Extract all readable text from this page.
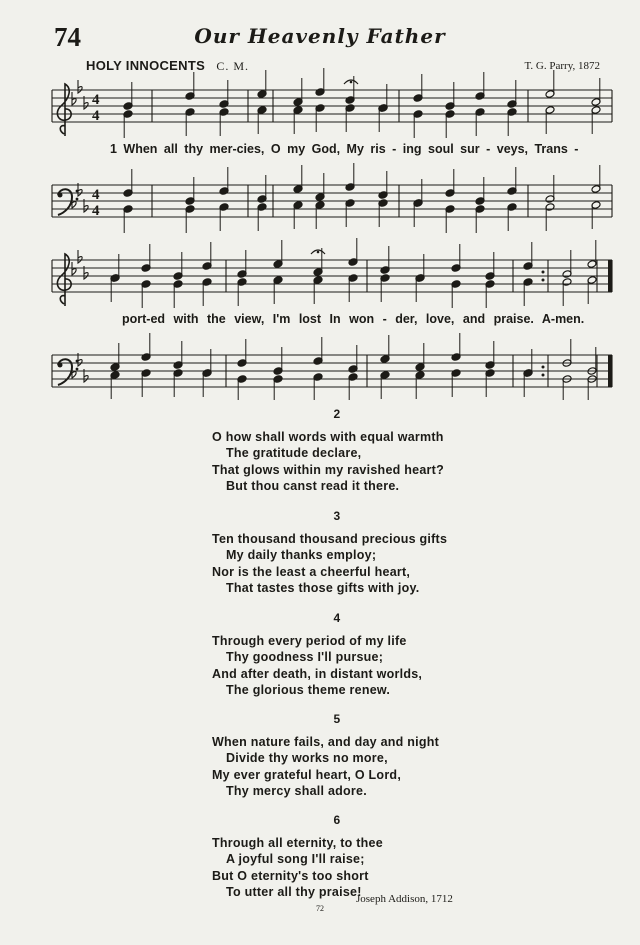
74	Our Heavenly Father
HOLY INNOCENTS C. M.	T. G. Parry, 1872
4
4
4
4
1 When all thy mer-cies, O my God, My ris - ing soul sur - veys, Trans -
port-ed with the view, I'm lost In won - der, love, and praise. A-men.
2
O how shall words with equal warmth
The gratitude declare,
That glows within my ravished heart?
But thou canst read it there.
3
Ten thousand thousand precious gifts
My daily thanks employ;
Nor is the least a cheerful heart,
That tastes those gifts with joy.
4
Through every period of my life
Thy goodness I'll pursue;
And after death, in distant worlds,
The glorious theme renew.
5
When nature fails, and day and night
Divide thy works no more,
My ever grateful heart, O Lord,
Thy mercy shall adore.
6
Through all eternity, to thee
A joyful song I'll raise;
But O eternity's too short
To utter all thy praise!
Joseph Addison, 1712
72
